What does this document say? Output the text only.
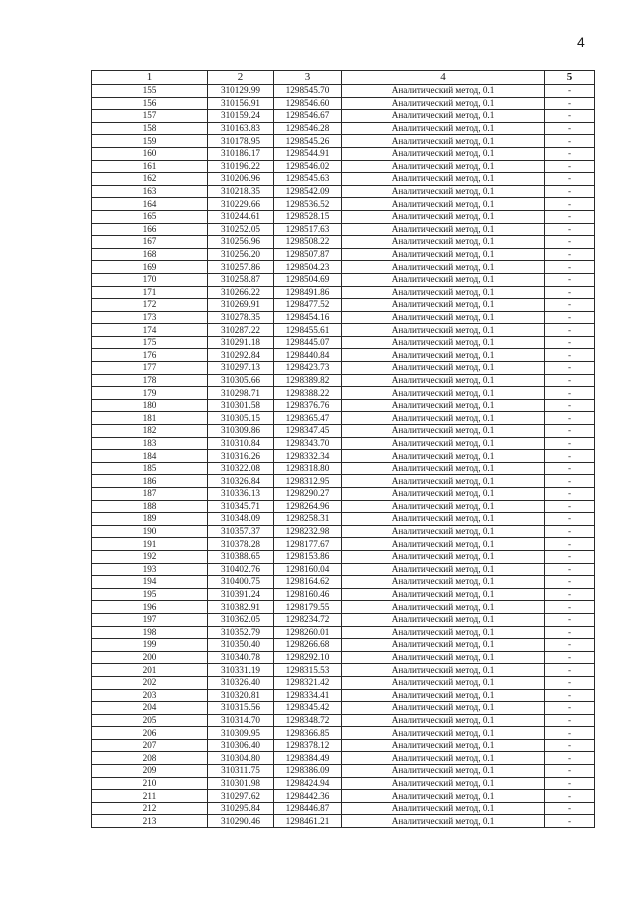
4
1	2	3	4	5
155	310129.99	1298545.70	Аналитический метод, 0.1	-
156	310156.91	1298546.60	Аналитический метод, 0.1	-
157	310159.24	1298546.67	Аналитический метод, 0.1	-
158	310163.83	1298546.28	Аналитический метод, 0.1	-
159	310178.95	1298545.26	Аналитический метод, 0.1	-
160	310186.17	1298544.91	Аналитический метод, 0.1	-
161	310196.22	1298546.02	Аналитический метод, 0.1	-
162	310206.96	1298545.63	Аналитический метод, 0.1	-
163	310218.35	1298542.09	Аналитический метод, 0.1	-
164	310229.66	1298536.52	Аналитический метод, 0.1	-
165	310244.61	1298528.15	Аналитический метод, 0.1	-
166	310252.05	1298517.63	Аналитический метод, 0.1	-
167	310256.96	1298508.22	Аналитический метод, 0.1	-
168	310256.20	1298507.87	Аналитический метод, 0.1	-
169	310257.86	1298504.23	Аналитический метод, 0.1	-
170	310258.87	1298504.69	Аналитический метод, 0.1	-
171	310266.22	1298491.86	Аналитический метод, 0.1	-
172	310269.91	1298477.52	Аналитический метод, 0.1	-
173	310278.35	1298454.16	Аналитический метод, 0.1	-
174	310287.22	1298455.61	Аналитический метод, 0.1	-
175	310291.18	1298445.07	Аналитический метод, 0.1	-
176	310292.84	1298440.84	Аналитический метод, 0.1	-
177	310297.13	1298423.73	Аналитический метод, 0.1	-
178	310305.66	1298389.82	Аналитический метод, 0.1	-
179	310298.71	1298388.22	Аналитический метод, 0.1	-
180	310301.58	1298376.76	Аналитический метод, 0.1	-
181	310305.15	1298365.47	Аналитический метод, 0.1	-
182	310309.86	1298347.45	Аналитический метод, 0.1	-
183	310310.84	1298343.70	Аналитический метод, 0.1	-
184	310316.26	1298332.34	Аналитический метод, 0.1	-
185	310322.08	1298318.80	Аналитический метод, 0.1	-
186	310326.84	1298312.95	Аналитический метод, 0.1	-
187	310336.13	1298290.27	Аналитический метод, 0.1	-
188	310345.71	1298264.96	Аналитический метод, 0.1	-
189	310348.09	1298258.31	Аналитический метод, 0.1	-
190	310357.37	1298232.98	Аналитический метод, 0.1	-
191	310378.28	1298177.67	Аналитический метод, 0.1	-
192	310388.65	1298153.86	Аналитический метод, 0.1	-
193	310402.76	1298160.04	Аналитический метод, 0.1	-
194	310400.75	1298164.62	Аналитический метод, 0.1	-
195	310391.24	1298160.46	Аналитический метод, 0.1	-
196	310382.91	1298179.55	Аналитический метод, 0.1	-
197	310362.05	1298234.72	Аналитический метод, 0.1	-
198	310352.79	1298260.01	Аналитический метод, 0.1	-
199	310350.40	1298266.68	Аналитический метод, 0.1	-
200	310340.78	1298292.10	Аналитический метод, 0.1	-
201	310331.19	1298315.53	Аналитический метод, 0.1	-
202	310326.40	1298321.42	Аналитический метод, 0.1	-
203	310320.81	1298334.41	Аналитический метод, 0.1	-
204	310315.56	1298345.42	Аналитический метод, 0.1	-
205	310314.70	1298348.72	Аналитический метод, 0.1	-
206	310309.95	1298366.85	Аналитический метод, 0.1	-
207	310306.40	1298378.12	Аналитический метод, 0.1	-
208	310304.80	1298384.49	Аналитический метод, 0.1	-
209	310311.75	1298386.09	Аналитический метод, 0.1	-
210	310301.98	1298424.94	Аналитический метод, 0.1	-
211	310297.62	1298442.36	Аналитический метод, 0.1	-
212	310295.84	1298446.87	Аналитический метод, 0.1	-
213	310290.46	1298461.21	Аналитический метод, 0.1	-
